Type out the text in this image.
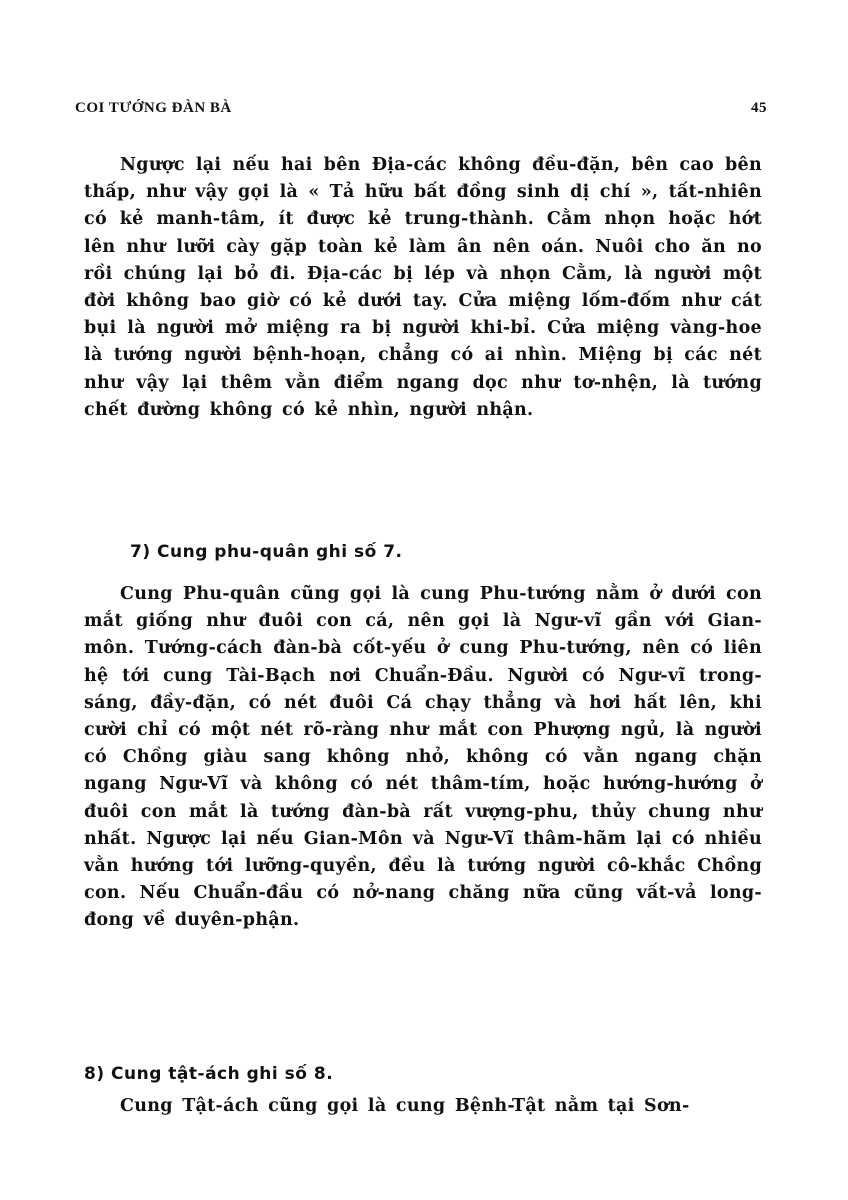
COI TƯỚNG ĐÀN BÀ	45

Ngược lại nếu hai bên Địa-các không đều-đặn, bên cao bên thấp, như vậy gọi là « Tả hữu bất đồng sinh dị chí », tất-nhiên có kẻ manh-tâm, ít được kẻ trung-thành. Cằm nhọn hoặc hớt lên như lưỡi cày gặp toàn kẻ làm ân nên oán. Nuôi cho ăn no rồi chúng lại bỏ đi. Địa-các bị lép và nhọn Cằm, là người một đời không bao giờ có kẻ dưới tay. Cửa miệng lốm-đốm như cát bụi là người mở miệng ra bị người khi-bỉ. Cửa miệng vàng-hoe là tướng người bệnh-hoạn, chẳng có ai nhìn. Miệng bị các nét như vậy lại thêm vằn điểm ngang dọc như tơ-nhện, là tướng chết đường không có kẻ nhìn, người nhận.

7) Cung phu-quân ghi số 7.

Cung Phu-quân cũng gọi là cung Phu-tướng nằm ở dưới con mắt giống như đuôi con cá, nên gọi là Ngư-vĩ gần với Gian-môn. Tướng-cách đàn-bà cốt-yếu ở cung Phu-tướng, nên có liên hệ tới cung Tài-Bạch nơi Chuẩn-Đầu. Người có Ngư-vĩ trong-sáng, đầy-đặn, có nét đuôi Cá chạy thẳng và hơi hất lên, khi cười chỉ có một nét rõ-ràng như mắt con Phượng ngủ, là người có Chồng giàu sang không nhỏ, không có vằn ngang chặn ngang Ngư-Vĩ và không có nét thâm-tím, hoặc hướng-hướng ở đuôi con mắt là tướng đàn-bà rất vượng-phu, thủy chung như nhất. Ngược lại nếu Gian-Môn và Ngư-Vĩ thâm-hãm lại có nhiều vằn hướng tới lưỡng-quyền, đều là tướng người cô-khắc Chồng con. Nếu Chuẩn-đầu có nở-nang chăng nữa cũng vất-vả long-đong về duyên-phận.

8) Cung tật-ách ghi số 8.

Cung Tật-ách cũng gọi là cung Bệnh-Tật nằm tại Sơn-
